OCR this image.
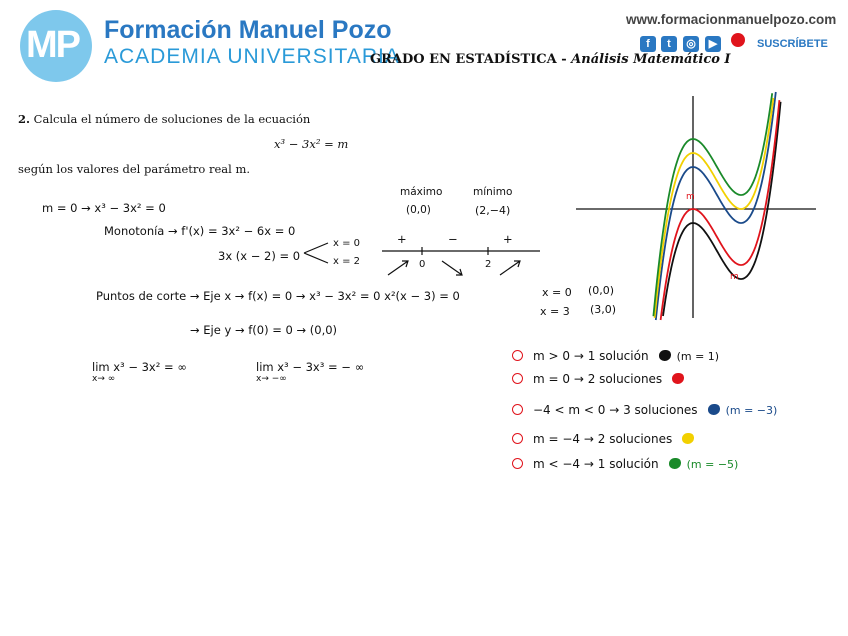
MP Formación Manuel Pozo
ACADEMIA UNIVERSITARIA
GRADO EN ESTADÍSTICA - Análisis Matemático I
www.formacionmanuelpozo.com
f	t	◎	▶	SUSCRÍBETE
2. Calcula el número de soluciones de la ecuación
x³ − 3x² = m
según los valores del parámetro real m.
m = 0 → x³ − 3x² = 0
Monotonía → f'(x) = 3x² − 6x = 0
3x (x − 2) = 0
x = 0
x = 2
máximo
(0,0)
mínimo
(2,−4)
+	−	+
0	2
Puntos de corte → Eje x → f(x) = 0 → x³ − 3x² = 0 x²(x − 3) = 0	x = 0
x = 3
(0,0)
(3,0)
→ Eje y → f(0) = 0 → (0,0)
lim x³ − 3x² = ∞
x→ ∞
lim x³ − 3x³ = − ∞
x→ −∞
m > 0 → 1 solución	(m = 1)
m = 0 → 2 soluciones
−4 < m < 0 → 3 soluciones	(m = −3)
m = −4 → 2 soluciones
m < −4 → 1 solución	(m = −5)
m
m
